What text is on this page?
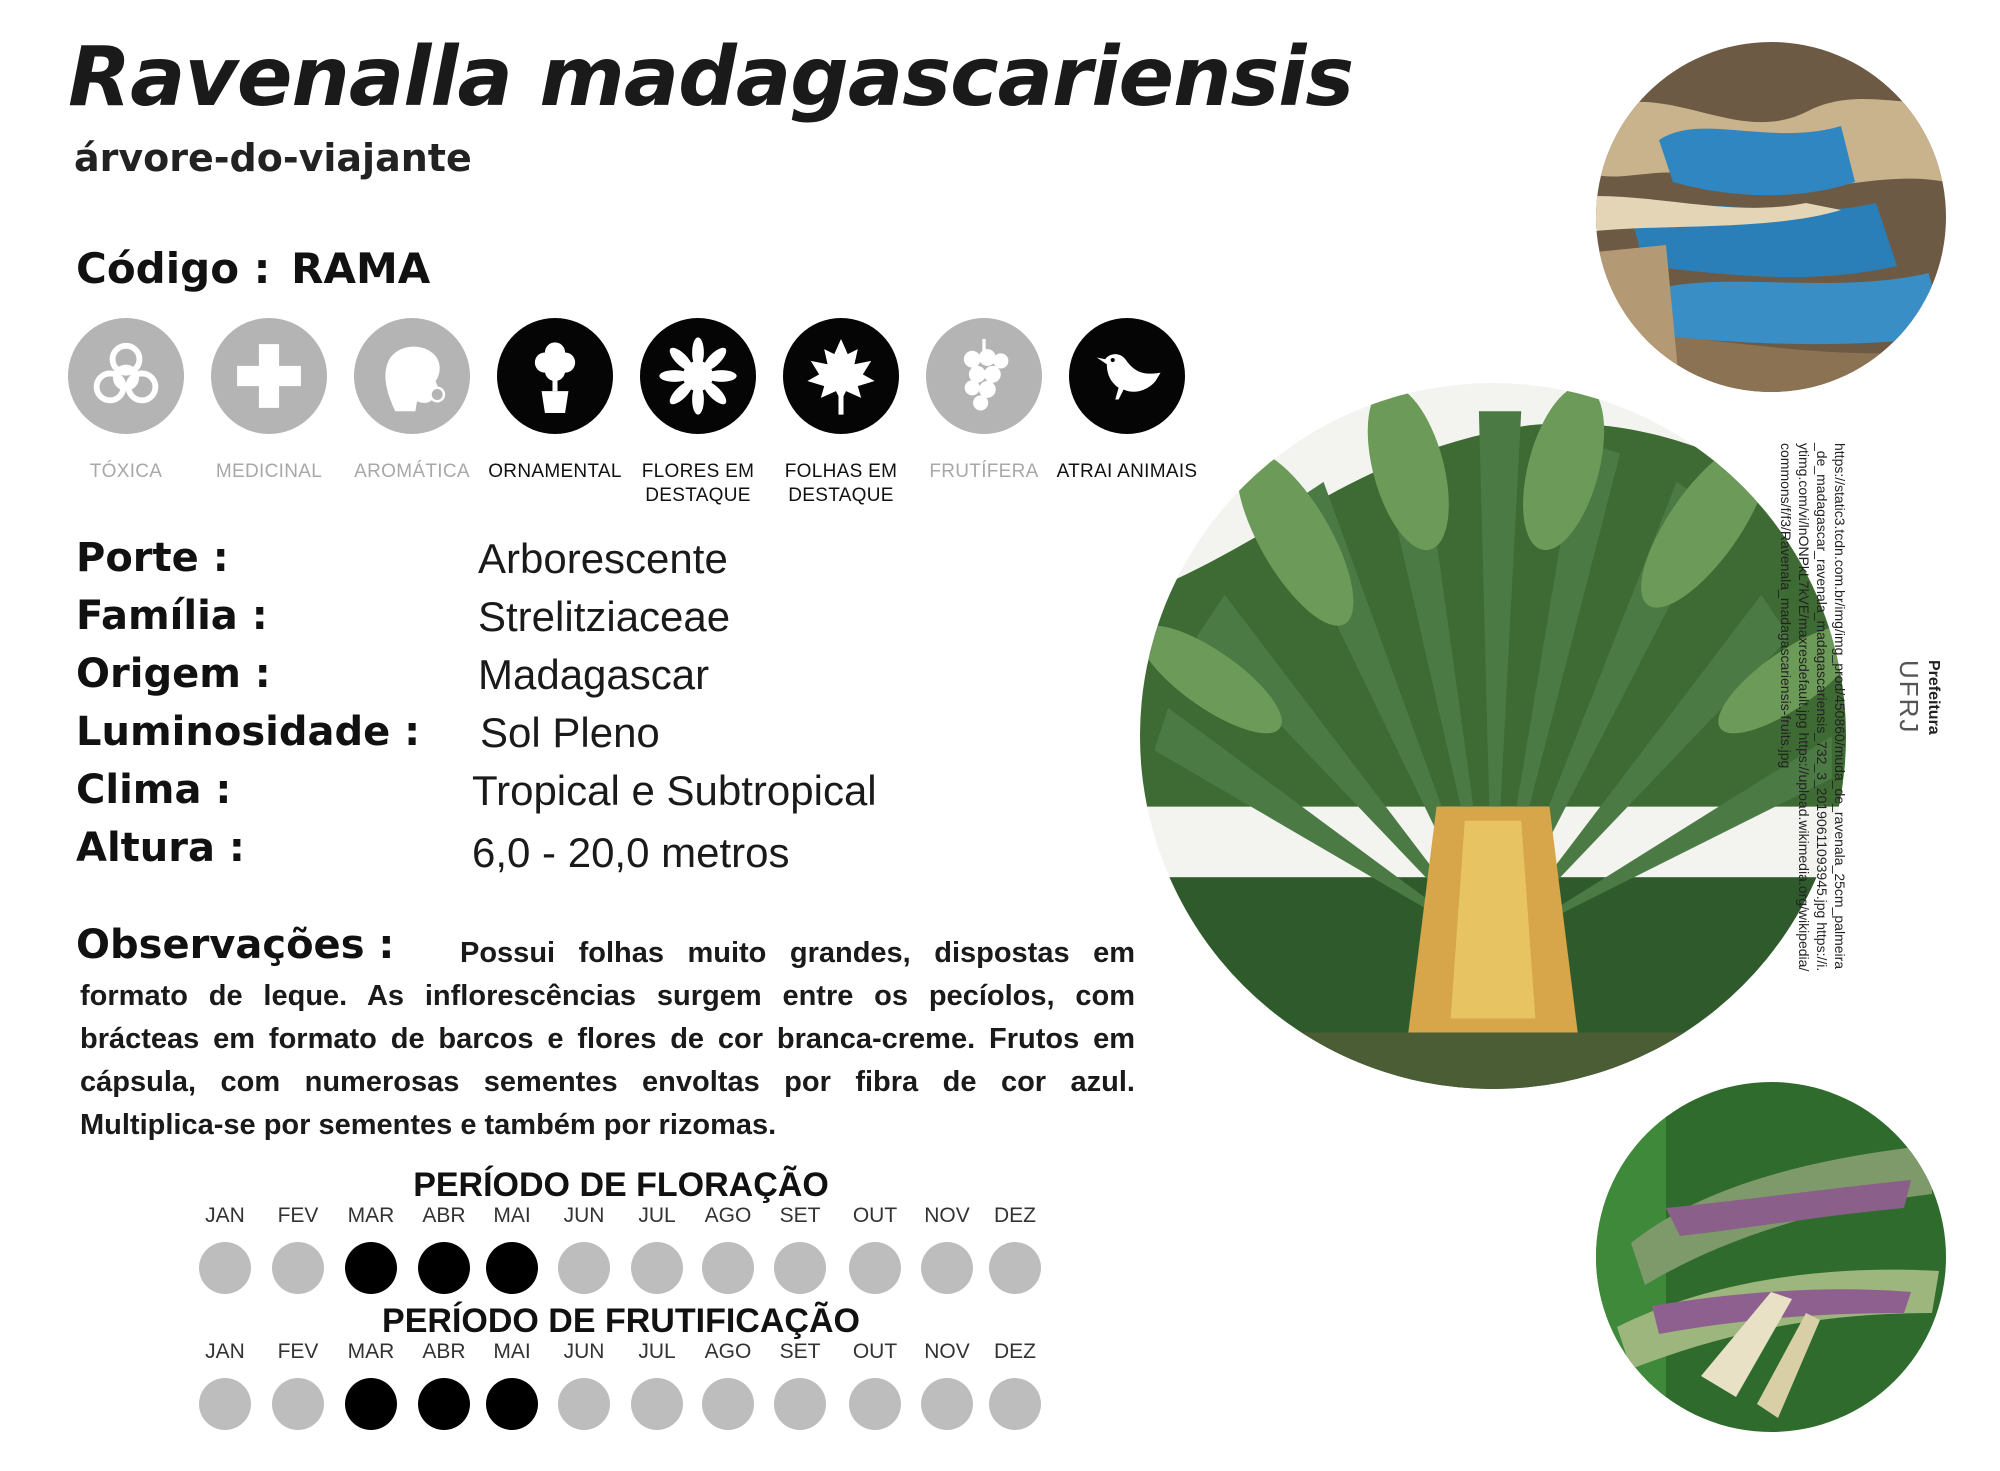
Ravenalla madagascariensis
árvore-do-viajante
Código : RAMA
TÓXICA	MEDICINAL	AROMÁTICA ORNAMENTAL	FLORES EM DESTAQUE
FOLHAS EM DESTAQUE
FRUTÍFERA ATRAI ANIMAIS
Porte :	Arborescente
Família :	Strelitziaceae
Origem :	Madagascar
Luminosidade : Sol Pleno
Clima :	Tropical e Subtropical
Altura :	6,0 - 20,0 metros
Observações :	Possui folhas muito grandes, dispostas em formato de leque. As inflorescências surgem entre os pecíolos, com brácteas em formato de barcos e flores de cor branca-creme. Frutos em cápsula, com numerosas sementes envoltas por fibra de cor azul. Multiplica-se por sementes e também por rizomas.
PERÍODO DE FLORAÇÃO
JAN	FEV	MAR	ABR	MAI	JUN	JUL	AGO	SET	OUT	NOV	DEZ
PERÍODO DE FRUTIFICAÇÃO
JAN	FEV	MAR	ABR	MAI	JUN	JUL	AGO	SET	OUT	NOV	DEZ
https://static3.tcdn.com.br/img/img_prod/450860/muda_de_ravenala_25cm_palmeira_de_madagascar_ravenala_madagascariensis_732_3_20190611093945.jpg https://i.ytimg.com/vi/lnONPkL7kVE/maxresdefault.jpg https://upload.wikimedia.org/wikipedia/commons/f/f3/Ravenala_madagascariensis-fruits.jpg	Prefeitura
UFRJ
